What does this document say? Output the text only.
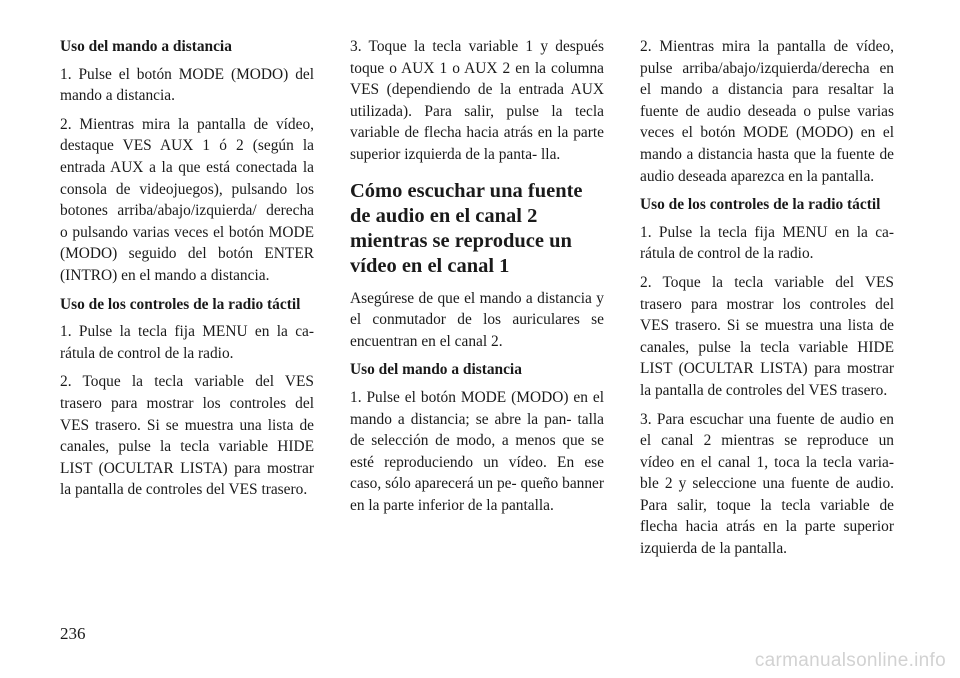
Uso del mando a distancia
1. Pulse el botón MODE (MODO) del mando a distancia.
2. Mientras mira la pantalla de vídeo, destaque VES AUX 1 ó 2 (según la entrada AUX a la que está conectada la consola de videojuegos), pulsando los botones arriba/abajo/izquierda/ derecha o pulsando varias veces el botón MODE (MODO) seguido del botón ENTER (INTRO) en el mando a distancia.
Uso de los controles de la radio táctil
1. Pulse la tecla fija MENU en la ca- rátula de control de la radio.
2. Toque la tecla variable del VES trasero para mostrar los controles del VES trasero. Si se muestra una lista de canales, pulse la tecla variable HIDE LIST (OCULTAR LISTA) para mostrar la pantalla de controles del VES trasero.
3. Toque la tecla variable 1 y después toque o AUX 1 o AUX 2 en la columna VES (dependiendo de la entrada AUX utilizada). Para salir, pulse la tecla variable de flecha hacia atrás en la parte superior izquierda de la panta- lla.
Cómo escuchar una fuente de audio en el canal 2 mientras se reproduce un vídeo en el canal 1
Asegúrese de que el mando a distancia y el conmutador de los auriculares se encuentran en el canal 2.
Uso del mando a distancia
1. Pulse el botón MODE (MODO) en el mando a distancia; se abre la pan- talla de selección de modo, a menos que se esté reproduciendo un vídeo. En ese caso, sólo aparecerá un pe- queño banner en la parte inferior de la pantalla.
2. Mientras mira la pantalla de vídeo, pulse arriba/abajo/izquierda/derecha en el mando a distancia para resaltar la fuente de audio deseada o pulse varias veces el botón MODE (MODO) en el mando a distancia hasta que la fuente de audio deseada aparezca en la pantalla.
Uso de los controles de la radio táctil
1. Pulse la tecla fija MENU en la ca- rátula de control de la radio.
2. Toque la tecla variable del VES trasero para mostrar los controles del VES trasero. Si se muestra una lista de canales, pulse la tecla variable HIDE LIST (OCULTAR LISTA) para mostrar la pantalla de controles del VES trasero.
3. Para escuchar una fuente de audio en el canal 2 mientras se reproduce un vídeo en el canal 1, toca la tecla varia- ble 2 y seleccione una fuente de audio. Para salir, toque la tecla variable de flecha hacia atrás en la parte superior izquierda de la pantalla.
236
carmanualsonline.info
